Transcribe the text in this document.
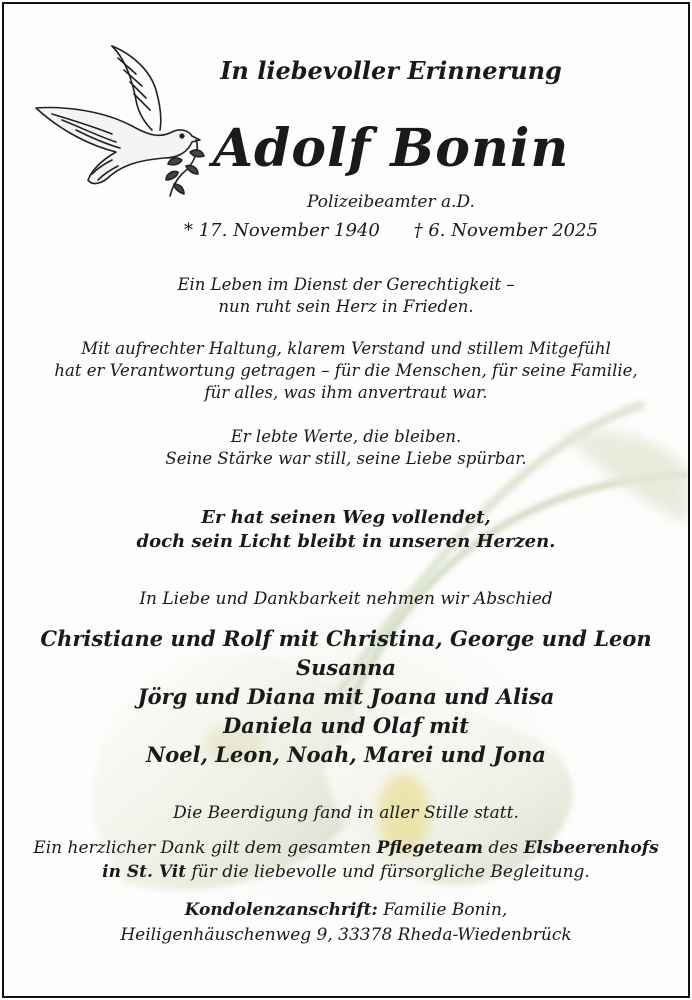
In liebevoller Erinnerung
Adolf Bonin
Polizeibeamter a.D.
* 17. November 1940 † 6. November 2025
Ein Leben im Dienst der Gerechtigkeit –
nun ruht sein Herz in Frieden.
Mit aufrechter Haltung, klarem Verstand und stillem Mitgefühl
hat er Verantwortung getragen – für die Menschen, für seine Familie,
für alles, was ihm anvertraut war.
Er lebte Werte, die bleiben.
Seine Stärke war still, seine Liebe spürbar.
Er hat seinen Weg vollendet,
doch sein Licht bleibt in unseren Herzen.
In Liebe und Dankbarkeit nehmen wir Abschied
Christiane und Rolf mit Christina, George und Leon
Susanna
Jörg und Diana mit Joana und Alisa
Daniela und Olaf mit
Noel, Leon, Noah, Marei und Jona
Die Beerdigung fand in aller Stille statt.
Ein herzlicher Dank gilt dem gesamten Pflegeteam des Elsbeerenhofs
in St. Vit für die liebevolle und fürsorgliche Begleitung.
Kondolenzanschrift: Familie Bonin,
Heiligenhäuschenweg 9, 33378 Rheda-Wiedenbrück
